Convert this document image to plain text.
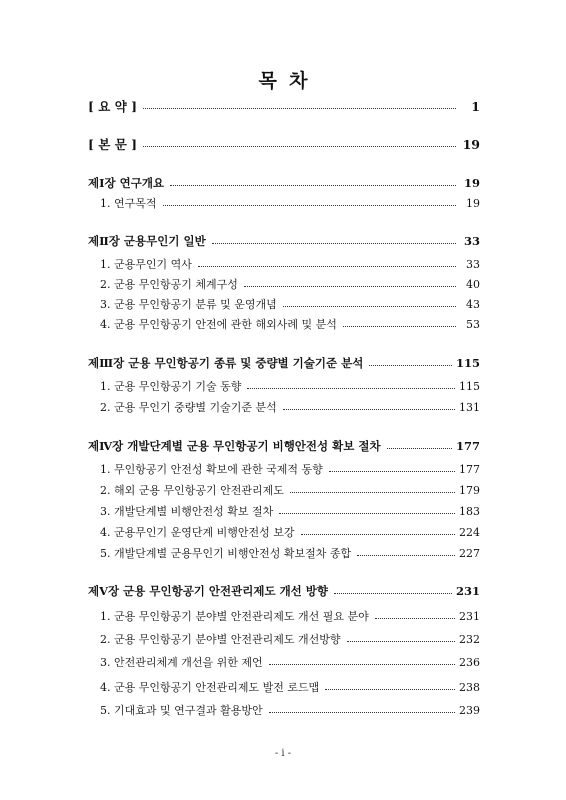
목 차
[ 요 약 ]	1
[ 본 문 ]	19
제Ⅰ장 연구개요	19
1. 연구목적	19
제Ⅱ장 군용무인기 일반	33
1. 군용무인기 역사	33
2. 군용 무인항공기 체계구성	40
3. 군용 무인항공기 분류 및 운영개념	43
4. 군용 무인항공기 안전에 관한 해외사례 및 분석	53
제Ⅲ장 군용 무인항공기 종류 및 중량별 기술기준 분석	115
1. 군용 무인항공기 기술 동향	115
2. 군용 무인기 중량별 기술기준 분석	131
제Ⅳ장 개발단계별 군용 무인항공기 비행안전성 확보 절차	177
1. 무인항공기 안전성 확보에 관한 국제적 동향	177
2. 해외 군용 무인항공기 안전관리제도	179
3. 개발단계별 비행안전성 확보 절차	183
4. 군용무인기 운영단계 비행안전성 보강	224
5. 개발단계별 군용무인기 비행안전성 확보절차 종합	227
제Ⅴ장 군용 무인항공기 안전관리제도 개선 방향	231
1. 군용 무인항공기 분야별 안전관리제도 개선 필요 분야	231
2. 군용 무인항공기 분야별 안전관리제도 개선방향	232
3. 안전관리체계 개선을 위한 제언	236
4. 군용 무인항공기 안전관리제도 발전 로드맵	238
5. 기대효과 및 연구결과 활용방안	239
- i -
